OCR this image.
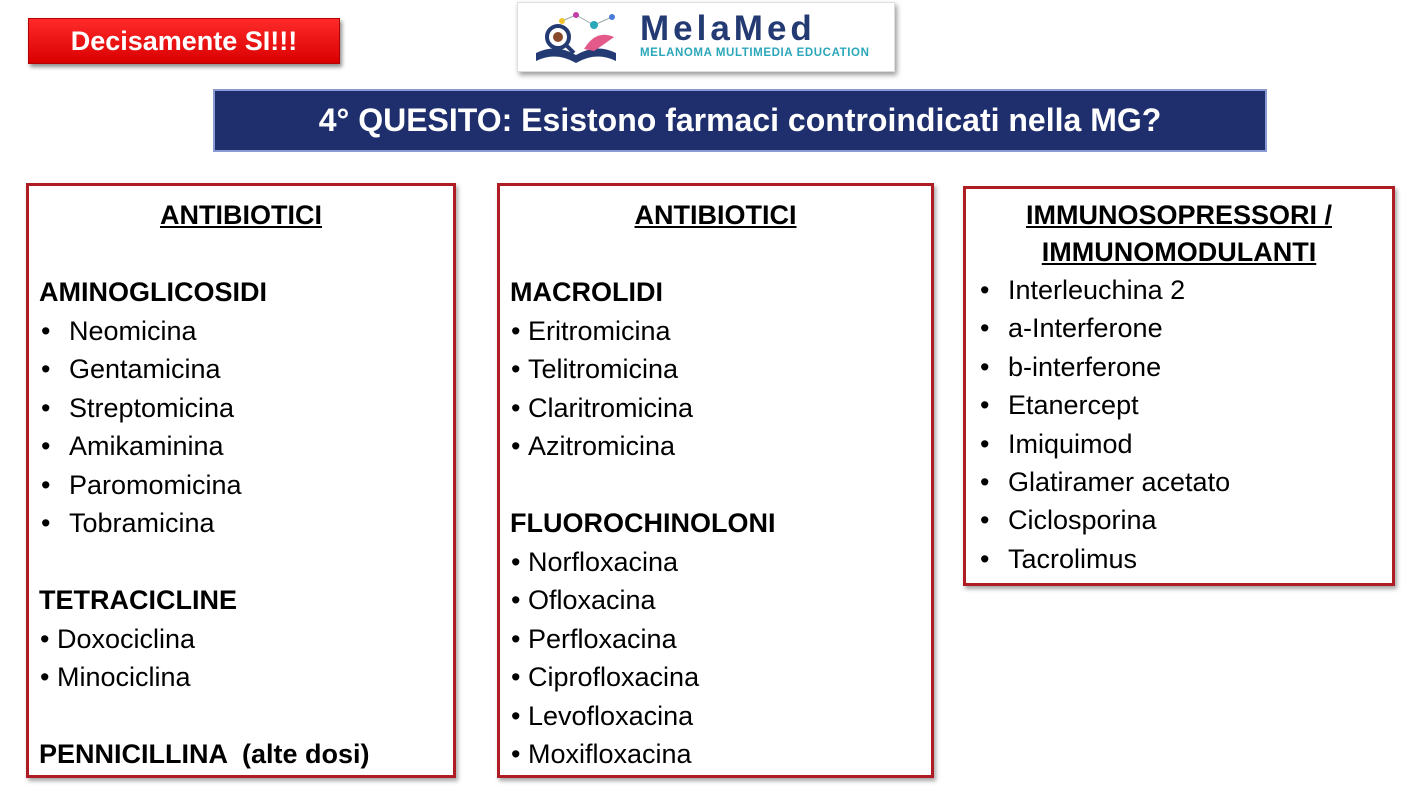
Decisamente SI!!!	MelaMed
MELANOMA MULTIMEDIA EDUCATION
4° QUESITO: Esistono farmaci controindicati nella MG?
ANTIBIOTICI
AMINOGLICOSIDI
• Neomicina
• Gentamicina
• Streptomicina
• Amikaminina
• Paromomicina
• Tobramicina
TETRACICLINE
• Doxociclina
• Minociclina
PENNICILLINA  (alte dosi)
ANTIBIOTICI
MACROLIDI
• Eritromicina
• Telitromicina
• Claritromicina
• Azitromicina
FLUOROCHINOLONI
• Norfloxacina
• Ofloxacina
• Perfloxacina
• Ciprofloxacina
• Levofloxacina
• Moxifloxacina
IMMUNOSOPRESSORI /
IMMUNOMODULANTI
• Interleuchina 2
• a-Interferone
• b-interferone
• Etanercept
• Imiquimod
• Glatiramer acetato
• Ciclosporina
• Tacrolimus
